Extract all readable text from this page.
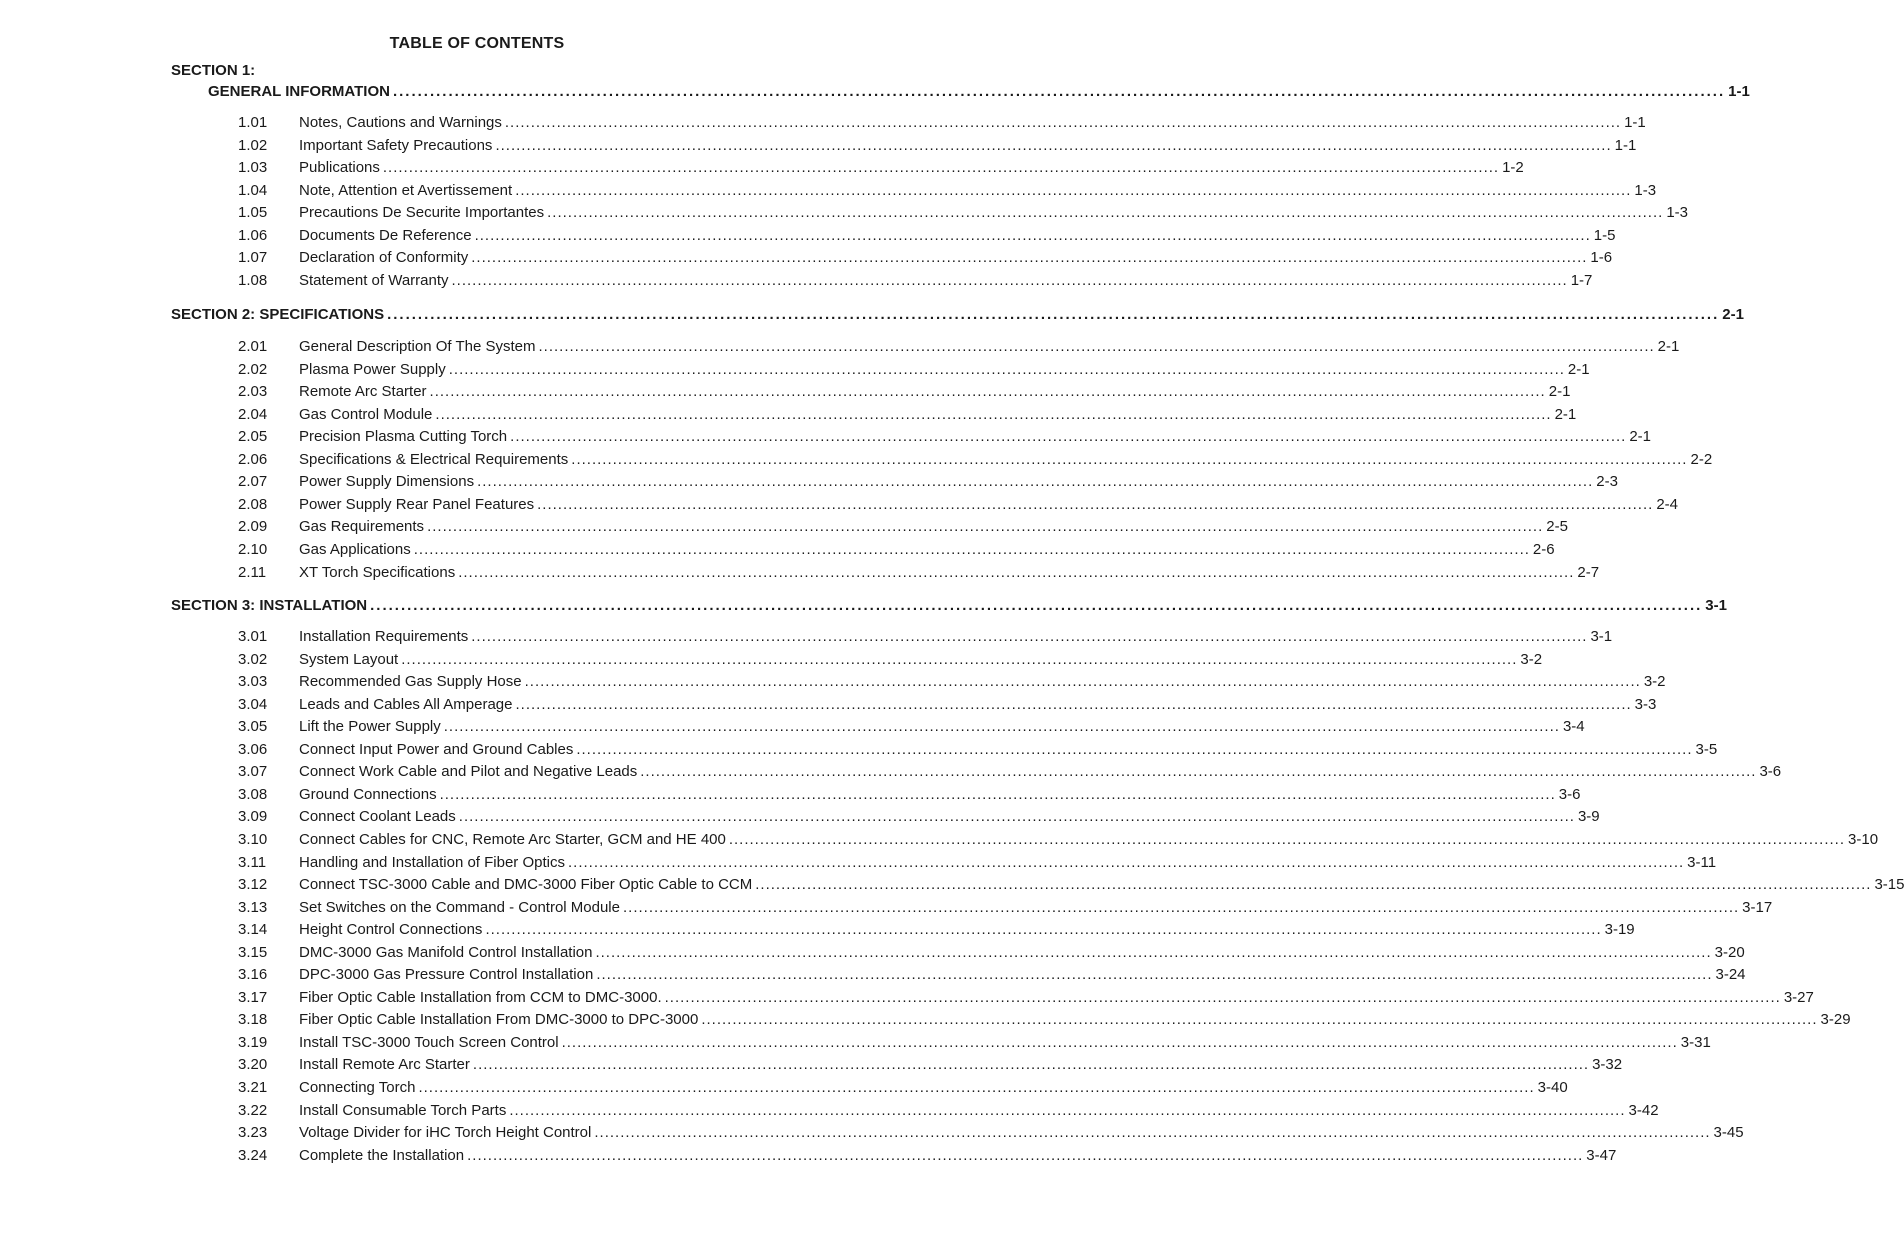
TABLE OF CONTENTS
SECTION 1:
GENERAL INFORMATION ........................................................................................................................................................................................................................ 1-1
1.01 Notes, Cautions and Warnings ........................................................................................................................................................................................................................ 1-1
1.02 Important Safety Precautions ........................................................................................................................................................................................................................ 1-1
1.03 Publications ........................................................................................................................................................................................................................ 1-2
1.04 Note, Attention et Avertissement ........................................................................................................................................................................................................................ 1-3
1.05 Precautions De Securite Importantes ........................................................................................................................................................................................................................ 1-3
1.06 Documents De Reference ........................................................................................................................................................................................................................ 1-5
1.07 Declaration of Conformity ........................................................................................................................................................................................................................ 1-6
1.08 Statement of Warranty ........................................................................................................................................................................................................................ 1-7
SECTION 2: SPECIFICATIONS ........................................................................................................................................................................................................................ 2-1
2.01 General Description Of The System ........................................................................................................................................................................................................................ 2-1
2.02 Plasma Power Supply ........................................................................................................................................................................................................................ 2-1
2.03 Remote Arc Starter ........................................................................................................................................................................................................................ 2-1
2.04 Gas Control Module ........................................................................................................................................................................................................................ 2-1
2.05 Precision Plasma Cutting Torch ........................................................................................................................................................................................................................ 2-1
2.06 Specifications & Electrical Requirements ........................................................................................................................................................................................................................ 2-2
2.07 Power Supply Dimensions ........................................................................................................................................................................................................................ 2-3
2.08 Power Supply Rear Panel Features ........................................................................................................................................................................................................................ 2-4
2.09 Gas Requirements ........................................................................................................................................................................................................................ 2-5
2.10 Gas Applications ........................................................................................................................................................................................................................ 2-6
2.11 XT Torch Specifications ........................................................................................................................................................................................................................ 2-7
SECTION 3: INSTALLATION ........................................................................................................................................................................................................................ 3-1
3.01 Installation Requirements ........................................................................................................................................................................................................................ 3-1
3.02 System Layout ........................................................................................................................................................................................................................ 3-2
3.03 Recommended Gas Supply Hose ........................................................................................................................................................................................................................ 3-2
3.04 Leads and Cables All Amperage ........................................................................................................................................................................................................................ 3-3
3.05 Lift the Power Supply ........................................................................................................................................................................................................................ 3-4
3.06 Connect Input Power and Ground Cables ........................................................................................................................................................................................................................ 3-5
3.07 Connect Work Cable and Pilot and Negative Leads ........................................................................................................................................................................................................................ 3-6
3.08 Ground Connections ........................................................................................................................................................................................................................ 3-6
3.09 Connect Coolant Leads ........................................................................................................................................................................................................................ 3-9
3.10 Connect Cables for CNC, Remote Arc Starter, GCM and HE 400 ........................................................................................................................................................................................................................ 3-10
3.11 Handling and Installation of Fiber Optics ........................................................................................................................................................................................................................ 3-11
3.12 Connect TSC-3000 Cable and DMC-3000 Fiber Optic Cable to CCM ........................................................................................................................................................................................................................ 3-15
3.13 Set Switches on the Command - Control Module ........................................................................................................................................................................................................................ 3-17
3.14 Height Control Connections ........................................................................................................................................................................................................................ 3-19
3.15 DMC-3000 Gas Manifold Control Installation ........................................................................................................................................................................................................................ 3-20
3.16 DPC-3000 Gas Pressure Control Installation ........................................................................................................................................................................................................................ 3-24
3.17 Fiber Optic Cable Installation from CCM to DMC-3000. ........................................................................................................................................................................................................................ 3-27
3.18 Fiber Optic Cable Installation From DMC-3000 to DPC-3000 ........................................................................................................................................................................................................................ 3-29
3.19 Install TSC-3000 Touch Screen Control ........................................................................................................................................................................................................................ 3-31
3.20 Install Remote Arc Starter ........................................................................................................................................................................................................................ 3-32
3.21 Connecting Torch ........................................................................................................................................................................................................................ 3-40
3.22 Install Consumable Torch Parts ........................................................................................................................................................................................................................ 3-42
3.23 Voltage Divider for iHC Torch Height Control ........................................................................................................................................................................................................................ 3-45
3.24 Complete the Installation ........................................................................................................................................................................................................................ 3-47
